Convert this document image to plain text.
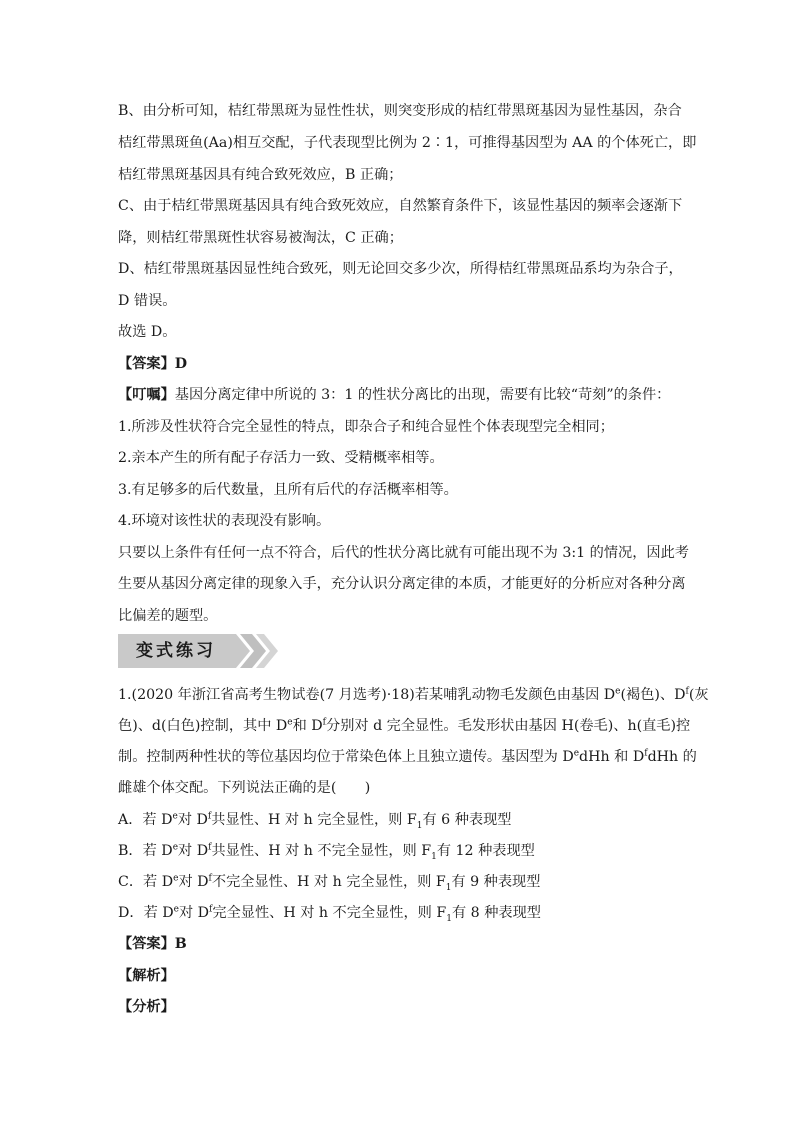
B、由分析可知，桔红带黑斑为显性性状，则突变形成的桔红带黑斑基因为显性基因，杂合
桔红带黑斑鱼(Aa)相互交配，子代表现型比例为 2∶1，可推得基因型为 AA 的个体死亡，即
桔红带黑斑基因具有纯合致死效应，B 正确；
C、由于桔红带黑斑基因具有纯合致死效应，自然繁育条件下，该显性基因的频率会逐渐下
降，则桔红带黑斑性状容易被淘汰，C 正确；
D、桔红带黑斑基因显性纯合致死，则无论回交多少次，所得桔红带黑斑品系均为杂合子，
D 错误。
故选 D。
【答案】D
【叮嘱】基因分离定律中所说的 3：1 的性状分离比的出现，需要有比较“苛刻”的条件：
1.所涉及性状符合完全显性的特点，即杂合子和纯合显性个体表现型完全相同；
2.亲本产生的所有配子存活力一致、受精概率相等。
3.有足够多的后代数量，且所有后代的存活概率相等。
4.环境对该性状的表现没有影响。
只要以上条件有任何一点不符合，后代的性状分离比就有可能出现不为 3:1 的情况，因此考
生要从基因分离定律的现象入手，充分认识分离定律的本质，才能更好的分析应对各种分离
比偏差的题型。
变式练习
1.(2020 年浙江省高考生物试卷(7 月选考)·18)若某哺乳动物毛发颜色由基因 De(褐色)、$D^f$(灰
色)、d(白色)控制，其中 De和 $D^f$分别对 d 完全显性。毛发形状由基因 H(卷毛)、h(直毛)控
制。控制两种性状的等位基因均位于常染色体上且独立遗传。基因型为 DedHh 和 $D^fdHh$ 的
雌雄个体交配。下列说法正确的是(　　)
A．若 De对 $D^f$共显性、H 对 h 完全显性，则 $F_1$有 6 种表现型
B．若 De对 $D^f$共显性、H 对 h 不完全显性，则 $F_1$有 12 种表现型
C．若 De对 $D^f$不完全显性、H 对 h 完全显性，则 $F_1$有 9 种表现型
D．若 De对 $D^f$完全显性、H 对 h 不完全显性，则 $F_1$有 8 种表现型
【答案】B
【解析】
【分析】
